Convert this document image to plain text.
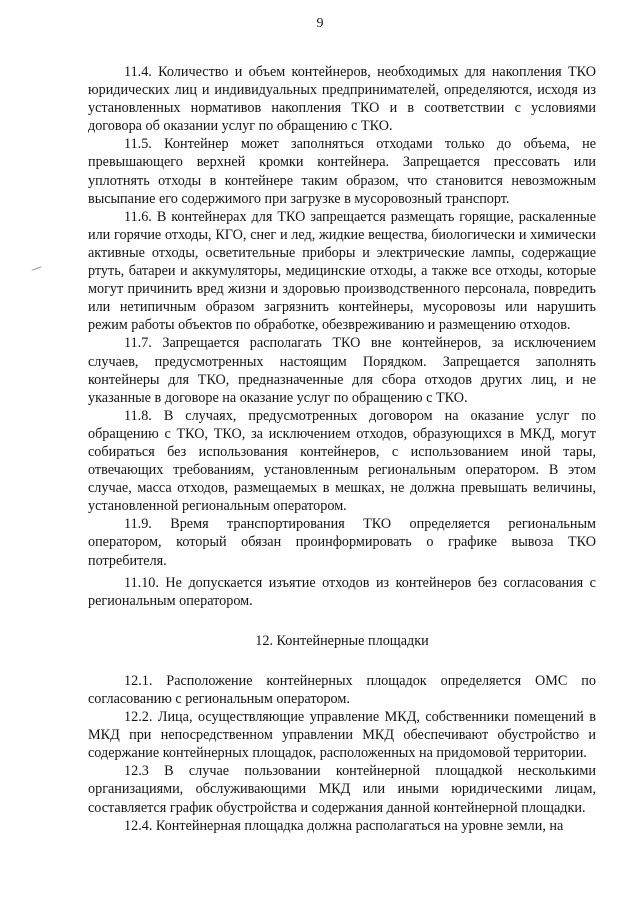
9

11.4. Количество и объем контейнеров, необходимых для накопления ТКО юридических лиц и индивидуальных предпринимателей, определяются, исходя из установленных нормативов накопления ТКО и в соответствии с условиями договора об оказании услуг по обращению с ТКО.

11.5. Контейнер может заполняться отходами только до объема, не превышающего верхней кромки контейнера. Запрещается прессовать или уплотнять отходы в контейнере таким образом, что становится невозможным высыпание его содержимого при загрузке в мусоровозный транспорт.

11.6. В контейнерах для ТКО запрещается размещать горящие, раскаленные или горячие отходы, КГО, снег и лед, жидкие вещества, биологически и химически активные отходы, осветительные приборы и электрические лампы, содержащие ртуть, батареи и аккумуляторы, медицинские отходы, а также все отходы, которые могут причинить вред жизни и здоровью производственного персонала, повредить или нетипичным образом загрязнить контейнеры, мусоровозы или нарушить режим работы объектов по обработке, обезвреживанию и размещению отходов.

11.7. Запрещается располагать ТКО вне контейнеров, за исключением случаев, предусмотренных настоящим Порядком. Запрещается заполнять контейнеры для ТКО, предназначенные для сбора отходов других лиц, и не указанные в договоре на оказание услуг по обращению с ТКО.

11.8. В случаях, предусмотренных договором на оказание услуг по обращению с ТКО, ТКО, за исключением отходов, образующихся в МКД, могут собираться без использования контейнеров, с использованием иной тары, отвечающих требованиям, установленным региональным оператором. В этом случае, масса отходов, размещаемых в мешках, не должна превышать величины, установленной региональным оператором.

11.9. Время транспортирования ТКО определяется региональным оператором, который обязан проинформировать о графике вывоза ТКО потребителя.

11.10. Не допускается изъятие отходов из контейнеров без согласования с региональным оператором.

12. Контейнерные площадки

12.1. Расположение контейнерных площадок определяется ОМС по согласованию с региональным оператором.

12.2. Лица, осуществляющие управление МКД, собственники помещений в МКД при непосредственном управлении МКД обеспечивают обустройство и содержание контейнерных площадок, расположенных на придомовой территории.

12.3 В случае пользовании контейнерной площадкой несколькими организациями, обслуживающими МКД или иными юридическими лицам, составляется график обустройства и содержания данной контейнерной площадки.

12.4. Контейнерная площадка должна располагаться на уровне земли, на
